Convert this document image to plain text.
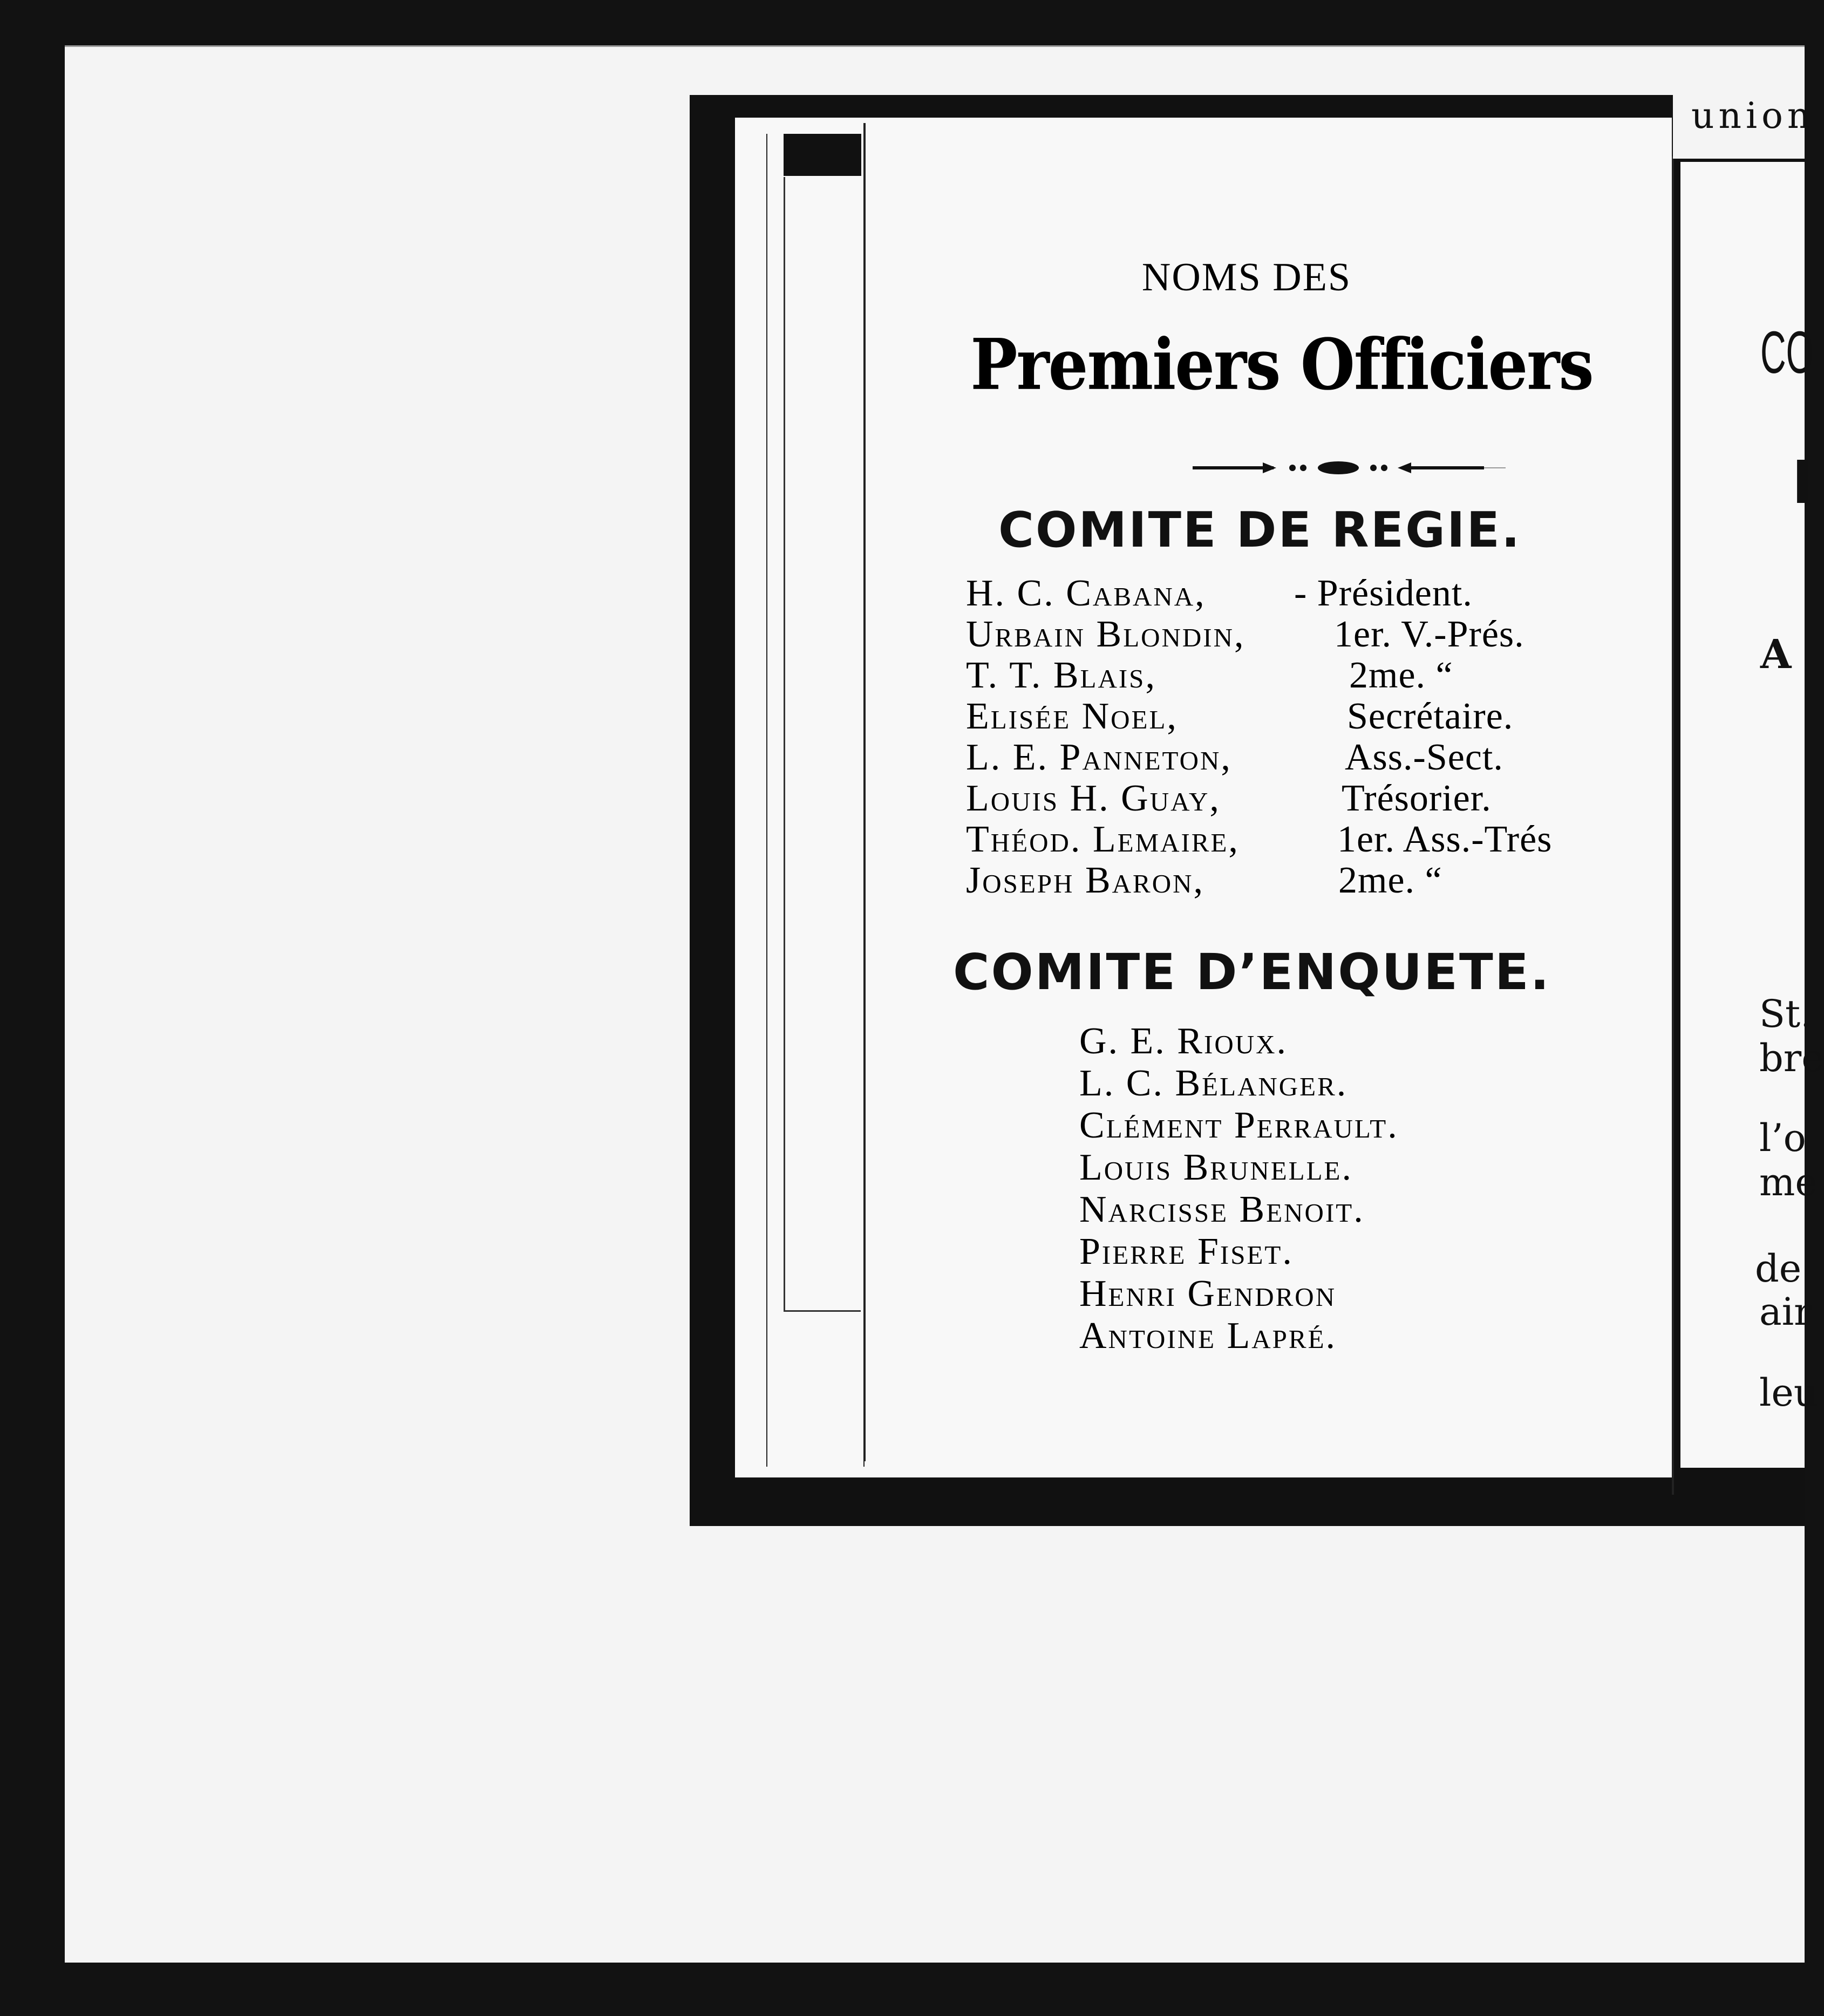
union
CO
I
A
St.
bre
l’o
me
de
air
leu
NOMS DES
Premiers Officiers
COMITE DE REGIE.
H. C. Cabana, - Président.
Urbain Blondin, 1er. V.-Prés.
T. T. Blais,	2me. “
Elisée Noel,	Secrétaire.
L. E. Panneton,	Ass.-Sect.
Louis H. Guay,	Trésorier.
Théod. Lemaire,	1er. Ass.-Trés
Joseph Baron,	2me. “
COMITE D’ENQUETE.
G. E. Rioux.
L. C. Bélanger.
Clément Perrault.
Louis Brunelle.
Narcisse Benoit.
Pierre Fiset.
Henri Gendron
Antoine Lapré.
